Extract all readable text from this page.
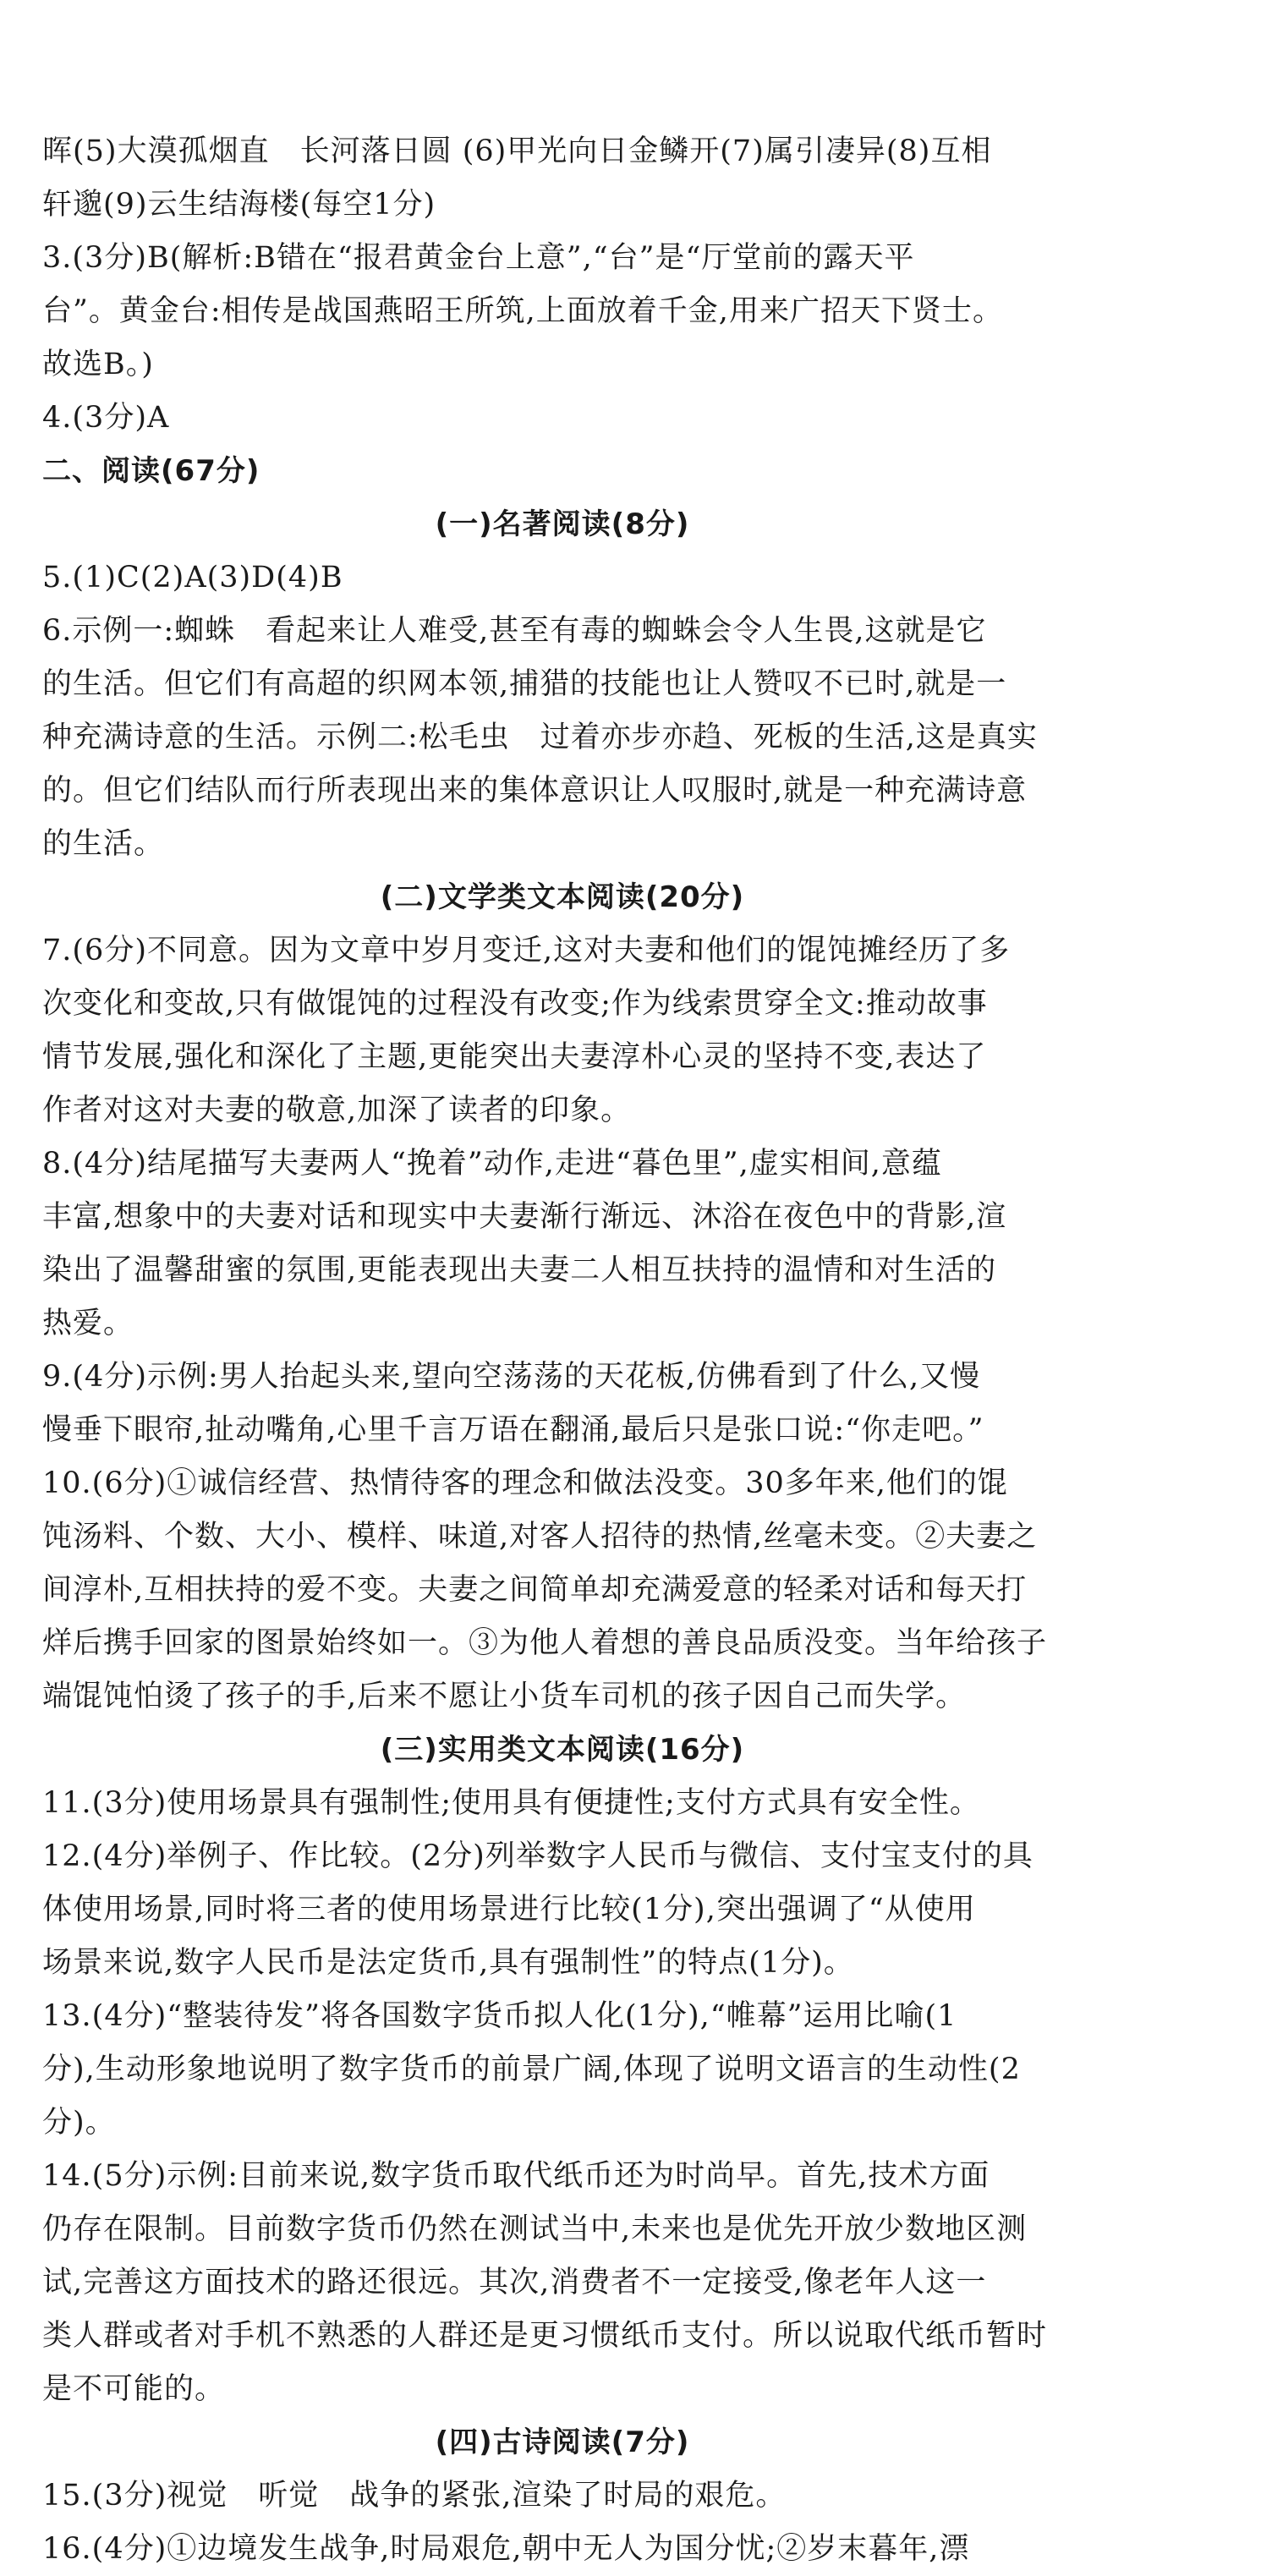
晖(5)大漠孤烟直　长河落日圆 (6)甲光向日金鳞开(7)属引凄异(8)互相
轩邈(9)云生结海楼(每空1分)
3.(3分)B(解析:B错在“报君黄金台上意”,“台”是“厅堂前的露天平
台”。黄金台:相传是战国燕昭王所筑,上面放着千金,用来广招天下贤士。
故选B。)
4.(3分)A
二、阅读(67分)
(一)名著阅读(8分)
5.(1)C(2)A(3)D(4)B
6.示例一:蜘蛛　看起来让人难受,甚至有毒的蜘蛛会令人生畏,这就是它
的生活。但它们有高超的织网本领,捕猎的技能也让人赞叹不已时,就是一
种充满诗意的生活。示例二:松毛虫　过着亦步亦趋、死板的生活,这是真实
的。但它们结队而行所表现出来的集体意识让人叹服时,就是一种充满诗意
的生活。
(二)文学类文本阅读(20分)
7.(6分)不同意。因为文章中岁月变迁,这对夫妻和他们的馄饨摊经历了多
次变化和变故,只有做馄饨的过程没有改变;作为线索贯穿全文:推动故事
情节发展,强化和深化了主题,更能突出夫妻淳朴心灵的坚持不变,表达了
作者对这对夫妻的敬意,加深了读者的印象。
8.(4分)结尾描写夫妻两人“挽着”动作,走进“暮色里”,虚实相间,意蕴
丰富,想象中的夫妻对话和现实中夫妻渐行渐远、沐浴在夜色中的背影,渲
染出了温馨甜蜜的氛围,更能表现出夫妻二人相互扶持的温情和对生活的
热爱。
9.(4分)示例:男人抬起头来,望向空荡荡的天花板,仿佛看到了什么,又慢
慢垂下眼帘,扯动嘴角,心里千言万语在翻涌,最后只是张口说:“你走吧。”
10.(6分)①诚信经营、热情待客的理念和做法没变。30多年来,他们的馄
饨汤料、个数、大小、模样、味道,对客人招待的热情,丝毫未变。②夫妻之
间淳朴,互相扶持的爱不变。夫妻之间简单却充满爱意的轻柔对话和每天打
烊后携手回家的图景始终如一。③为他人着想的善良品质没变。当年给孩子
端馄饨怕烫了孩子的手,后来不愿让小货车司机的孩子因自己而失学。
(三)实用类文本阅读(16分)
11.(3分)使用场景具有强制性;使用具有便捷性;支付方式具有安全性。
12.(4分)举例子、作比较。(2分)列举数字人民币与微信、支付宝支付的具
体使用场景,同时将三者的使用场景进行比较(1分),突出强调了“从使用
场景来说,数字人民币是法定货币,具有强制性”的特点(1分)。
13.(4分)“整装待发”将各国数字货币拟人化(1分),“帷幕”运用比喻(1
分),生动形象地说明了数字货币的前景广阔,体现了说明文语言的生动性(2
分)。
14.(5分)示例:目前来说,数字货币取代纸币还为时尚早。首先,技术方面
仍存在限制。目前数字货币仍然在测试当中,未来也是优先开放少数地区测
试,完善这方面技术的路还很远。其次,消费者不一定接受,像老年人这一
类人群或者对手机不熟悉的人群还是更习惯纸币支付。所以说取代纸币暂时
是不可能的。
(四)古诗阅读(7分)
15.(3分)视觉　听觉　战争的紧张,渲染了时局的艰危。
16.(4分)①边境发生战争,时局艰危,朝中无人为国分忧;②岁末暮年,漂
